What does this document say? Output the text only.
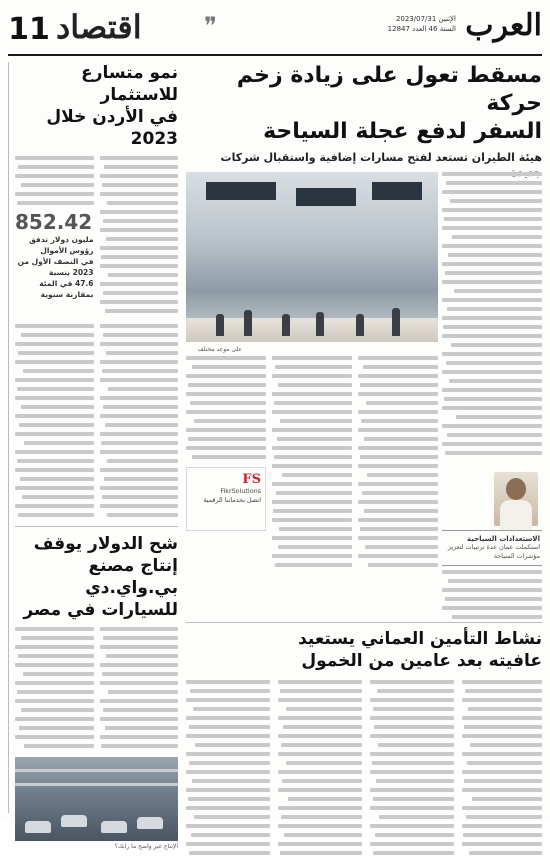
العرب
الإثنين 2023/07/31
السنة 46 العدد 12847
❞
اقتصاد
11
مسقط تعول على زيادة زخم حركة
السفر لدفع عجلة السياحة
هيئة الطيران تستعد لفتح مسارات إضافية واستقبال شركات
على موعد مختلف
FS
FikrSolutions
اتصل بخدماتنا الرقمية
الاستعدادات السياحية
استكملت عمان عدة ترتيبات لتعزيز مؤشرات السياحة
نشاط التأمين العماني يستعيد
عافيته بعد عامين من الخمول
نمو متسارع للاستثمار
في الأردن خلال 2023
852.42
مليون دولار تدفق رؤوس الأموال
في النصف الأول من 2023 بنسبة
47.6 في المئة بمقارنة سنوية
شح الدولار يوقف
إنتاج مصنع بي.واي.دي
للسيارات في مصر
الإنتاج غير واضح ما رابك؟
